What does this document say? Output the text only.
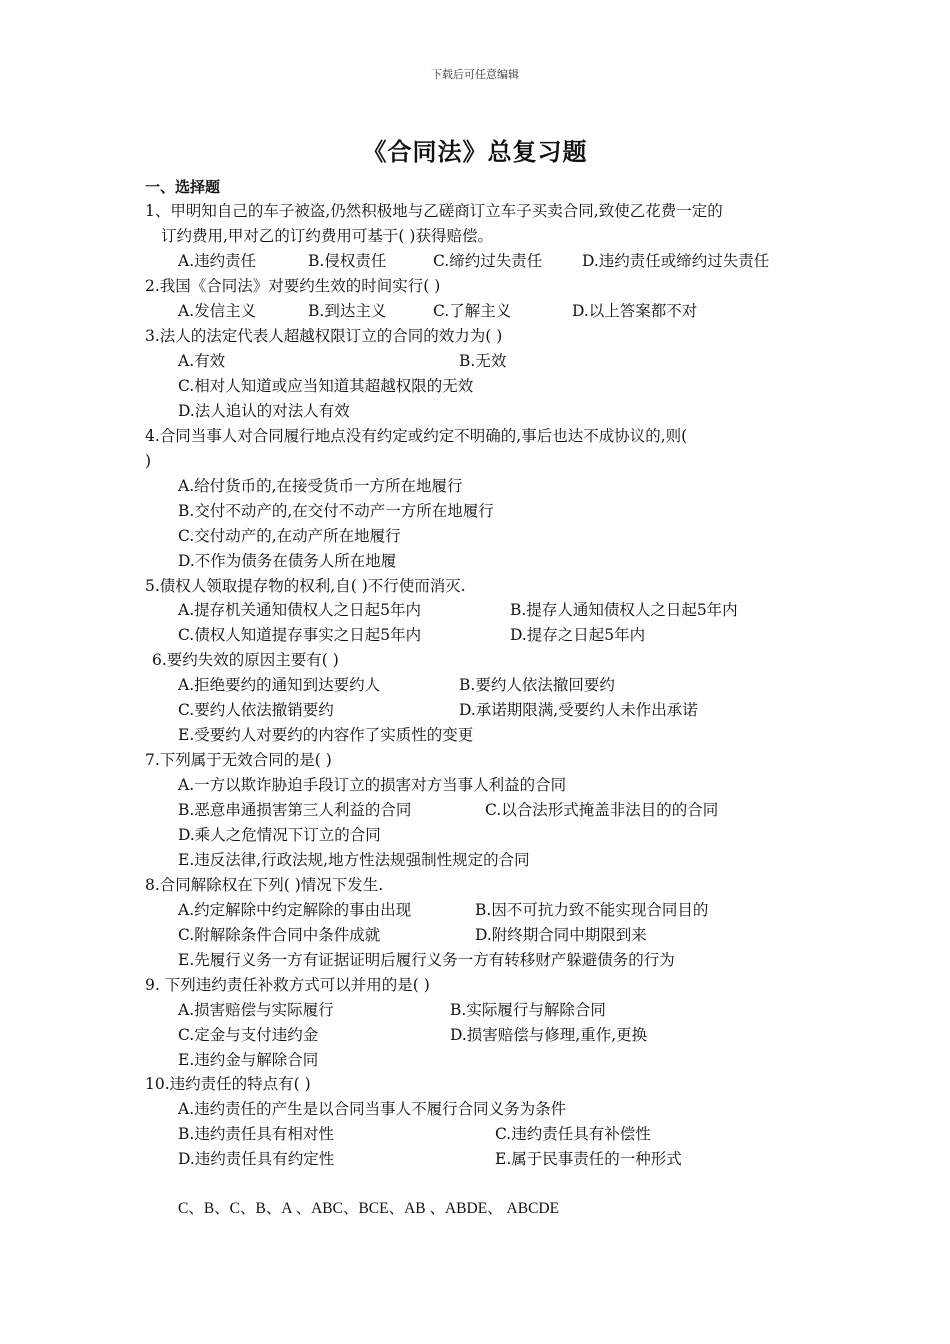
下载后可任意编辑
《合同法》总复习题
一、选择题
1、甲明知自己的车子被盗,仍然积极地与乙磋商订立车子买卖合同,致使乙花费一定的
订约费用,甲对乙的订约费用可基于( )获得赔偿。
A.违约责任	B.侵权责任	C.缔约过失责任	D.违约责任或缔约过失责任
2.我国《合同法》对要约生效的时间实行( )
A.发信主义	B.到达主义	C.了解主义	D.以上答案都不对
3.法人的法定代表人超越权限订立的合同的效力为( )
A.有效	B.无效
C.相对人知道或应当知道其超越权限的无效
D.法人追认的对法人有效
4.合同当事人对合同履行地点没有约定或约定不明确的,事后也达不成协议的,则(
)
A.给付货币的,在接受货币一方所在地履行
B.交付不动产的,在交付不动产一方所在地履行
C.交付动产的,在动产所在地履行
D.不作为债务在债务人所在地履
5.债权人领取提存物的权利,自( )不行使而消灭.
A.提存机关通知债权人之日起5年内	B.提存人通知债权人之日起5年内
C.债权人知道提存事实之日起5年内	D.提存之日起5年内
6.要约失效的原因主要有( )
A.拒绝要约的通知到达要约人	B.要约人依法撤回要约
C.要约人依法撤销要约	D.承诺期限满,受要约人未作出承诺
E.受要约人对要约的内容作了实质性的变更
7.下列属于无效合同的是( )
A.一方以欺诈胁迫手段订立的损害对方当事人利益的合同
B.恶意串通损害第三人利益的合同	C.以合法形式掩盖非法目的的合同
D.乘人之危情况下订立的合同
E.违反法律,行政法规,地方性法规强制性规定的合同
8.合同解除权在下列( )情况下发生.
A.约定解除中约定解除的事由出现	B.因不可抗力致不能实现合同目的
C.附解除条件合同中条件成就	D.附终期合同中期限到来
E.先履行义务一方有证据证明后履行义务一方有转移财产躲避债务的行为
9. 下列违约责任补救方式可以并用的是( )
A.损害赔偿与实际履行	B.实际履行与解除合同
C.定金与支付违约金	D.损害赔偿与修理,重作,更换
E.违约金与解除合同
10.违约责任的特点有( )
A.违约责任的产生是以合同当事人不履行合同义务为条件
B.违约责任具有相对性	C.违约责任具有补偿性
D.违约责任具有约定性	E.属于民事责任的一种形式
C、B、C、B、A 、ABC、BCE、AB 、ABDE、 ABCDE
